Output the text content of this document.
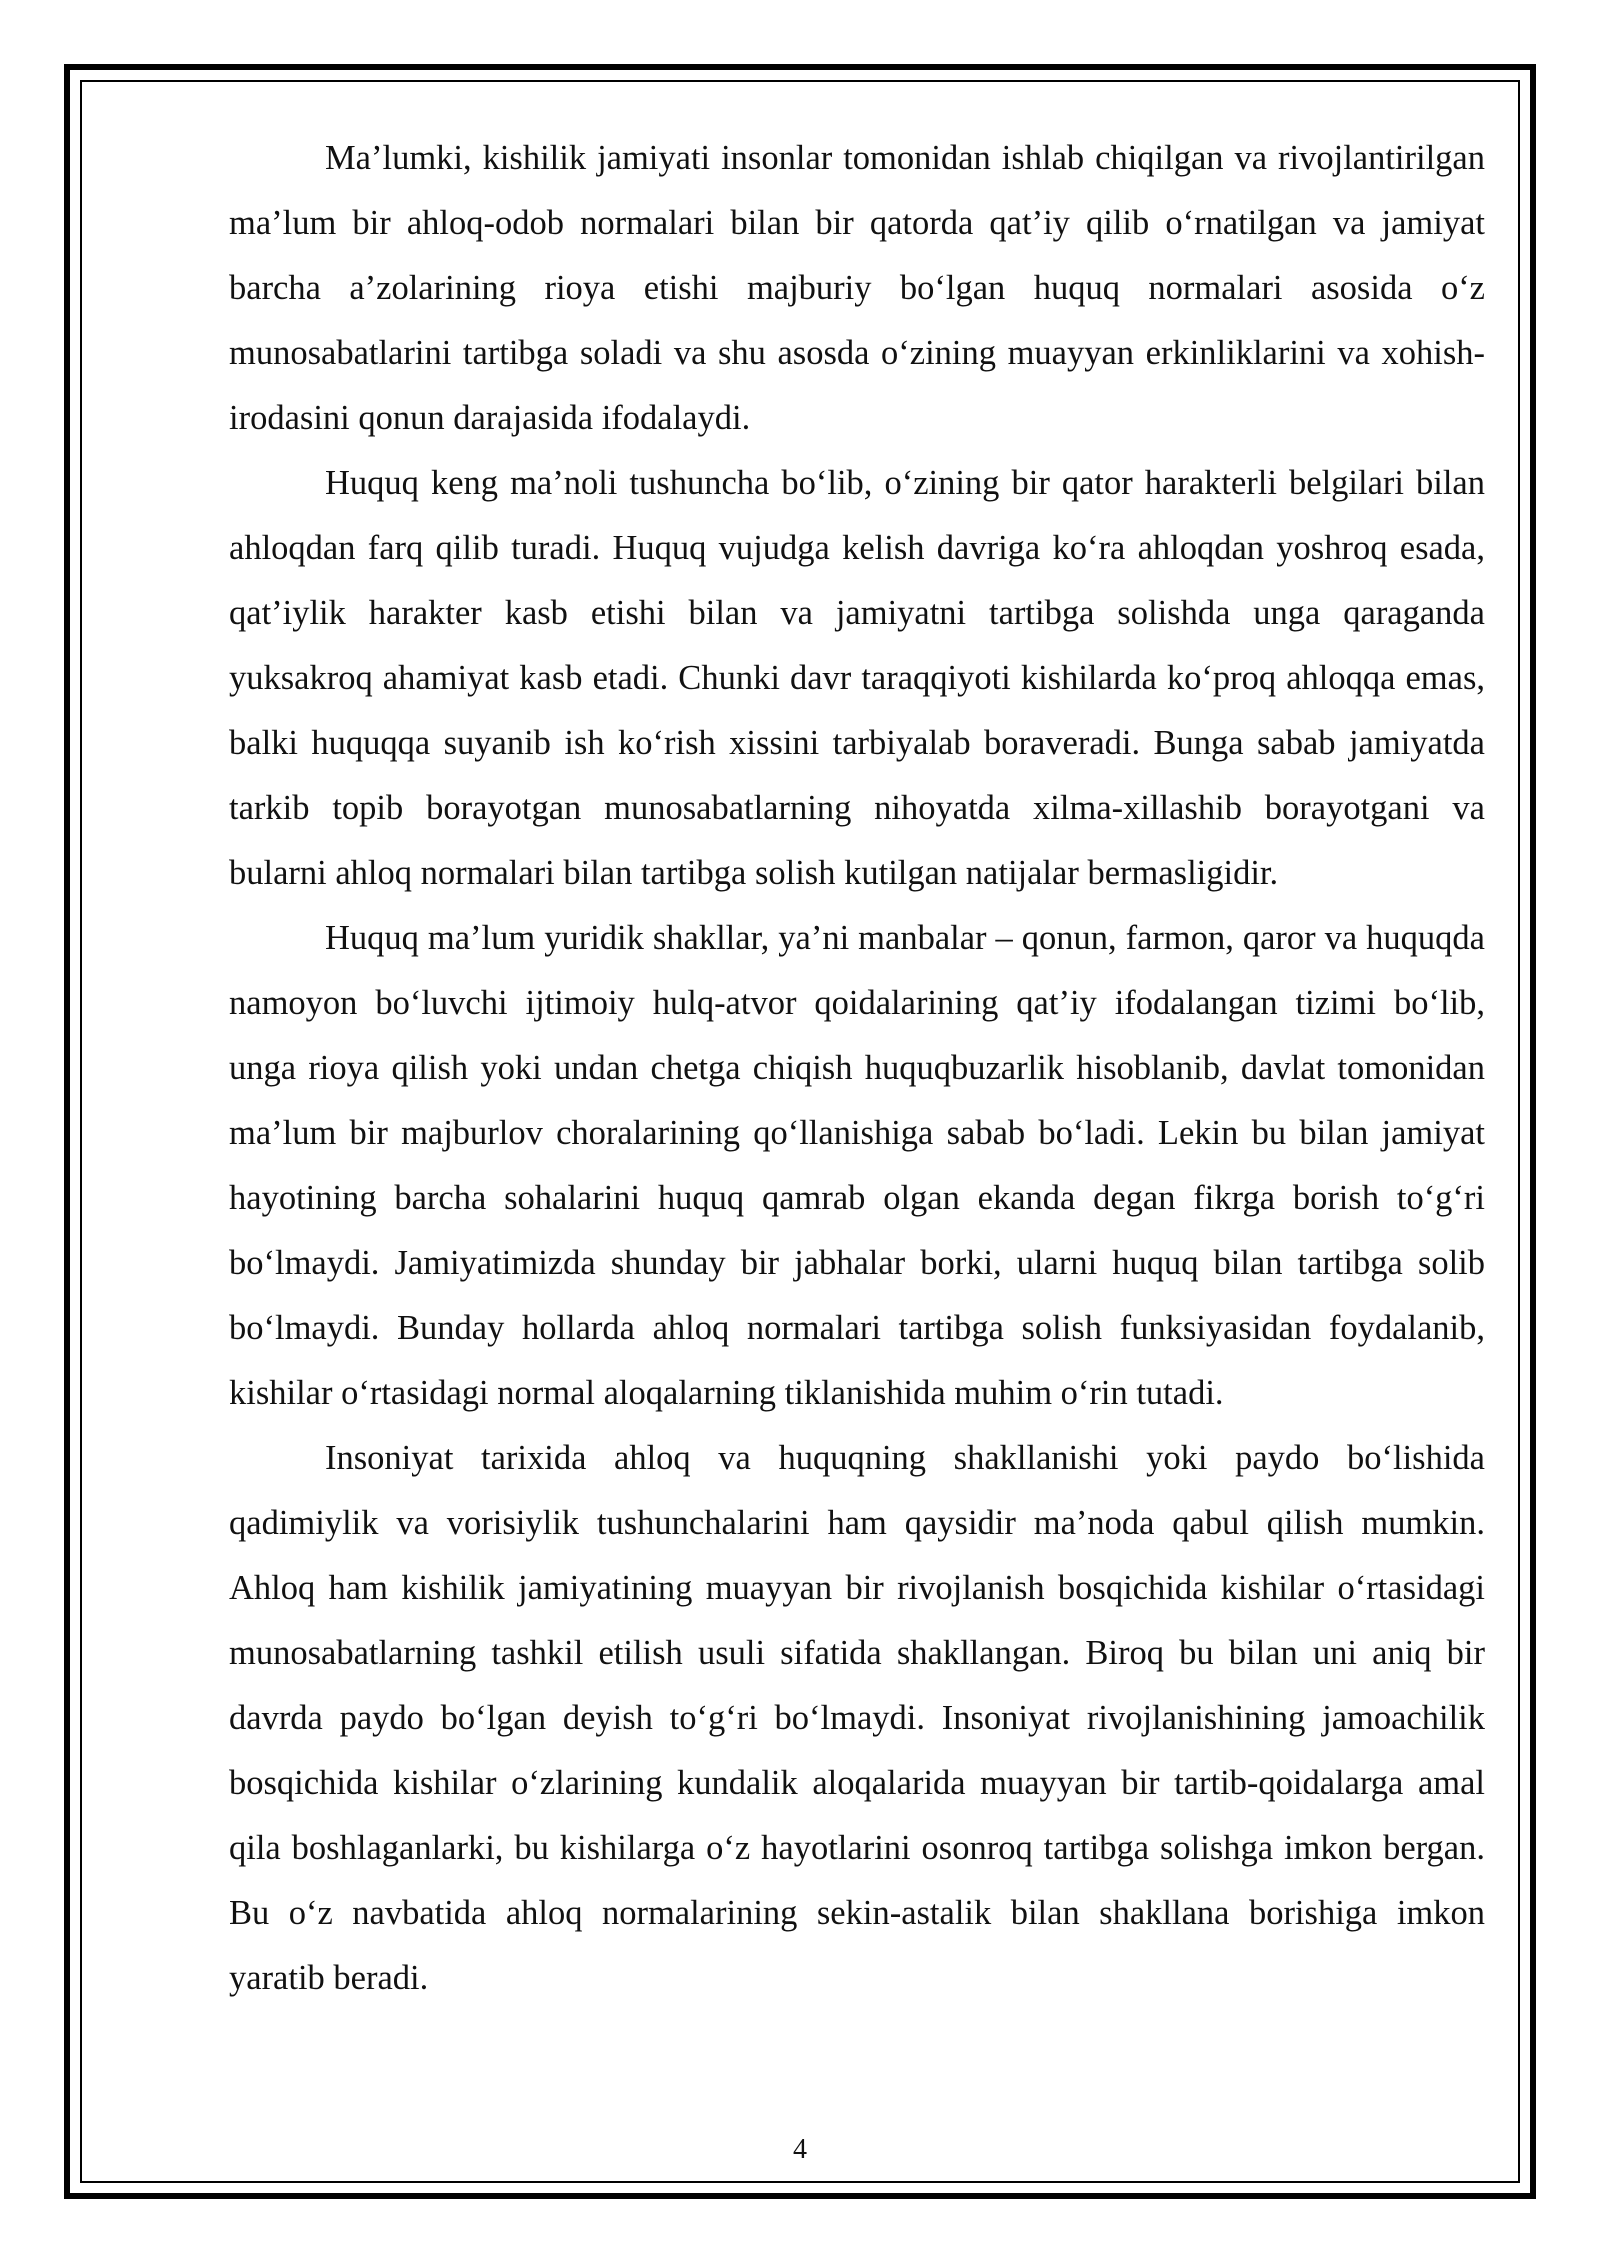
Ma’lumki, kishilik jamiyati insonlar tomonidan ishlab chiqilgan va rivojlantirilgan ma’lum bir ahloq-odob normalari bilan bir qatorda qat’iy qilib o‘rnatilgan va jamiyat barcha a’zolarining rioya etishi majburiy bo‘lgan huquq normalari asosida o‘z munosabatlarini tartibga soladi va shu asosda o‘zining muayyan erkinliklarini va xohish-irodasini qonun darajasida ifodalaydi.

Huquq keng ma’noli tushuncha bo‘lib, o‘zining bir qator harakterli belgilari bilan ahloqdan farq qilib turadi. Huquq vujudga kelish davriga ko‘ra ahloqdan yoshroq esada, qat’iylik harakter kasb etishi bilan va jamiyatni tartibga solishda unga qaraganda yuksakroq ahamiyat kasb etadi. Chunki davr taraqqiyoti kishilarda ko‘proq ahloqqa emas, balki huquqqa suyanib ish ko‘rish xissini tarbiyalab boraveradi. Bunga sabab jamiyatda tarkib topib borayotgan munosabatlarning nihoyatda xilma-xillashib borayotgani va bularni ahloq normalari bilan tartibga solish kutilgan natijalar bermasligidir.

Huquq ma’lum yuridik shakllar, ya’ni manbalar – qonun, farmon, qaror va huquqda namoyon bo‘luvchi ijtimoiy hulq-atvor qoidalarining qat’iy ifodalangan tizimi bo‘lib, unga rioya qilish yoki undan chetga chiqish huquqbuzarlik hisoblanib, davlat tomonidan ma’lum bir majburlov choralarining qo‘llanishiga sabab bo‘ladi. Lekin bu bilan jamiyat hayotining barcha sohalarini huquq qamrab olgan ekanda degan fikrga borish to‘g‘ri bo‘lmaydi. Jamiyatimizda shunday bir jabhalar borki, ularni huquq bilan tartibga solib bo‘lmaydi. Bunday hollarda ahloq normalari tartibga solish funksiyasidan foydalanib, kishilar o‘rtasidagi normal aloqalarning tiklanishida muhim o‘rin tutadi.

Insoniyat tarixida ahloq va huquqning shakllanishi yoki paydo bo‘lishida qadimiylik va vorisiylik tushunchalarini ham qaysidir ma’noda qabul qilish mumkin. Ahloq ham kishilik jamiyatining muayyan bir rivojlanish bosqichida kishilar o‘rtasidagi munosabatlarning tashkil etilish usuli sifatida shakllangan. Biroq bu bilan uni aniq bir davrda paydo bo‘lgan deyish to‘g‘ri bo‘lmaydi. Insoniyat rivojlanishining jamoachilik bosqichida kishilar o‘zlarining kundalik aloqalarida muayyan bir tartib-qoidalarga amal qila boshlaganlarki, bu kishilarga o‘z hayotlarini osonroq tartibga solishga imkon bergan. Bu o‘z navbatida ahloq normalarining sekin-astalik bilan shakllana borishiga imkon yaratib beradi.

4
